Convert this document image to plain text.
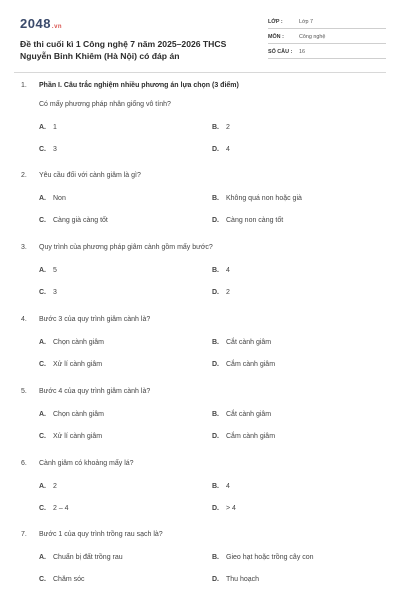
2048.vn
Đề thi cuối kì 1 Công nghệ 7 năm 2025–2026 THCS
Nguyễn Bỉnh Khiêm (Hà Nội) có đáp án
LỚP :	Lớp 7
MÔN :	Công nghệ
SỐ CÂU : 16
1. Phần I. Câu trắc nghiệm nhiều phương án lựa chọn (3 điểm)
Có mấy phương pháp nhân giống vô tính?
A. 1	B. 2
C. 3	D. 4
2. Yêu cầu đối với cành giâm là gì?
A. Non	B. Không quá non hoặc già
C. Càng già càng tốt	D. Càng non càng tốt
3. Quy trình của phương pháp giâm cành gồm mấy bước?
A. 5	B. 4
C. 3	D. 2
4. Bước 3 của quy trình giâm cành là?
A. Chọn cành giâm	B. Cắt cành giâm
C. Xử lí cành giâm	D. Cắm cành giâm
5. Bước 4 của quy trình giâm cành là?
A. Chọn cành giâm	B. Cắt cành giâm
C. Xử lí cành giâm	D. Cắm cành giâm
6. Cành giâm có khoảng mấy lá?
A. 2	B. 4
C. 2 – 4	D. > 4
7. Bước 1 của quy trình trồng rau sạch là?
A. Chuẩn bị đất trồng rau	B. Gieo hạt hoặc trồng cây con
C. Chăm sóc	D. Thu hoạch
